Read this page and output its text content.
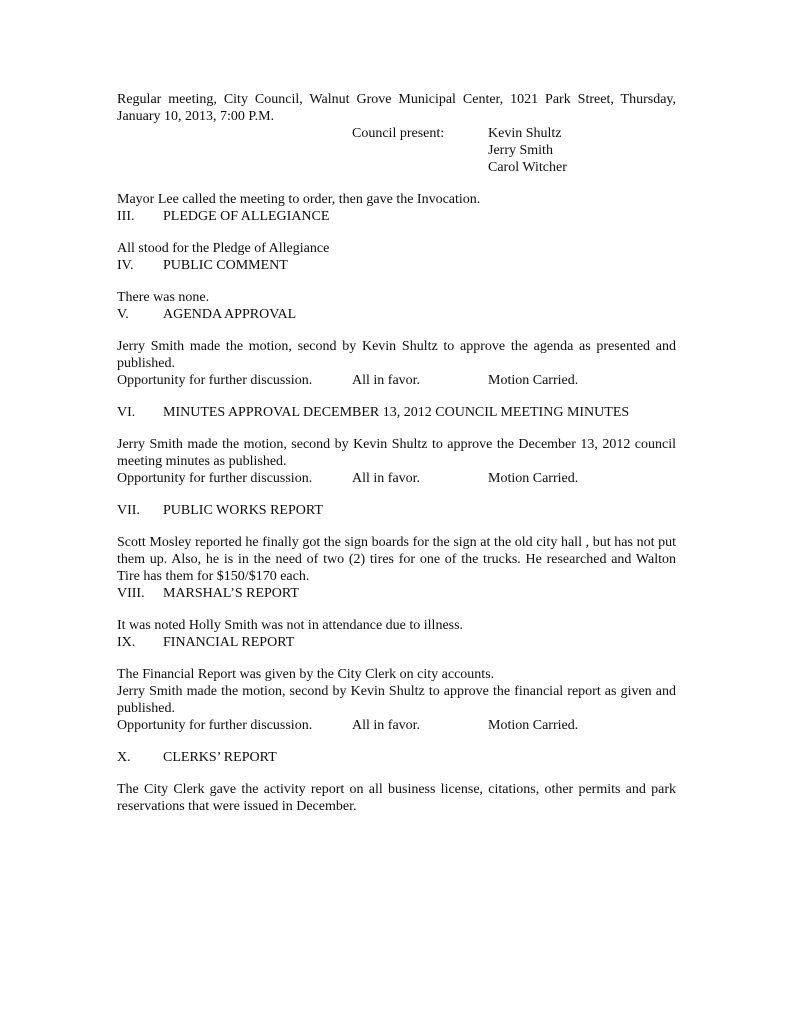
Regular meeting, City Council, Walnut Grove Municipal Center, 1021 Park Street, Thursday, January 10, 2013, 7:00 P.M.

Council present:	Kevin Shultz
Jerry Smith
Carol Witcher

Mayor Lee called the meeting to order, then gave the Invocation.

III.	PLEDGE OF ALLEGIANCE

All stood for the Pledge of Allegiance

IV.	PUBLIC COMMENT

There was none.

V.	AGENDA APPROVAL

Jerry Smith made the motion, second by Kevin Shultz to approve the agenda as presented and published.

Opportunity for further discussion.	All in favor.	Motion Carried.
VI.	MINUTES APPROVAL DECEMBER 13, 2012 COUNCIL MEETING MINUTES

Jerry Smith made the motion, second by Kevin Shultz to approve the December 13, 2012 council meeting minutes as published.

Opportunity for further discussion.	All in favor.	Motion Carried.
VII.	PUBLIC WORKS REPORT

Scott Mosley reported he finally got the sign boards for the sign at the old city hall , but has not put them up. Also, he is in the need of two (2) tires for one of the trucks. He researched and Walton Tire has them for $150/$170 each.

VIII.	MARSHAL’S REPORT

It was noted Holly Smith was not in attendance due to illness.

IX.	FINANCIAL REPORT

The Financial Report was given by the City Clerk on city accounts.

Jerry Smith made the motion, second by Kevin Shultz to approve the financial report as given and published.

Opportunity for further discussion.	All in favor.	Motion Carried.
X.	CLERKS’ REPORT

The City Clerk gave the activity report on all business license, citations, other permits and park reservations that were issued in December.
